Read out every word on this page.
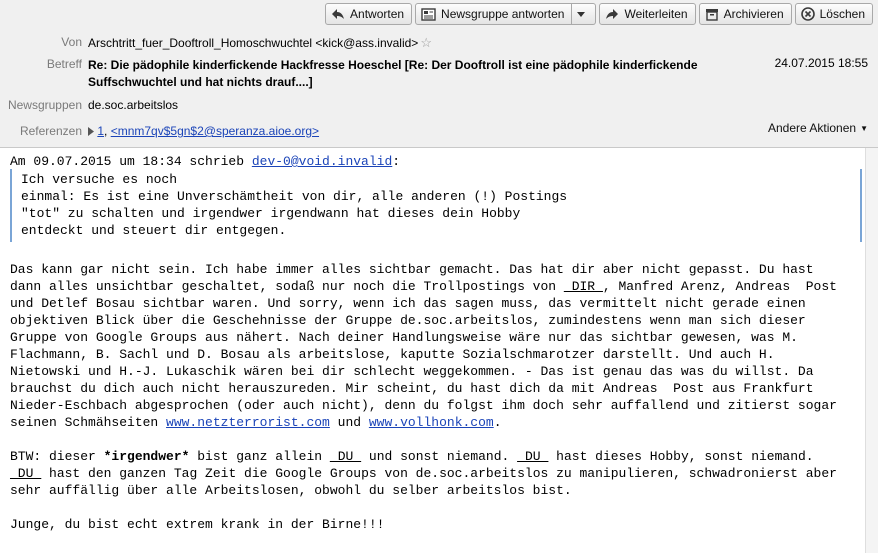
Antworten	Newsgruppe antworten	Weiterleiten	Archivieren	Löschen
Von Arschtritt_fuer_Dooftroll_Homoschwuchtel <kick@ass.invalid> ☆
Betreff Re: Die pädophile kinderfickende Hackfresse Hoeschel [Re: Der Dooftroll ist eine pädophile kinderfickende
Suffschwuchtel und hat nichts drauf....]
24.07.2015 18:55
Newsgruppen de.soc.arbeitslos
Referenzen	1, <mnm7qv$5gn$2@speranza.aioe.org>	Andere Aktionen ▼
Am 09.07.2015 um 18:34 schrieb dev-0@void.invalid:
Ich versuche es noch
einmal: Es ist eine Unverschämtheit von dir, alle anderen (!) Postings
"tot" zu schalten und irgendwer irgendwann hat dieses dein Hobby
entdeckt und steuert dir entgegen.
Das kann gar nicht sein. Ich habe immer alles sichtbar gemacht. Das hat dir aber nicht gepasst. Du hast
dann alles unsichtbar geschaltet, sodaß nur noch die Trollpostings von _DIR_, Manfred Arenz, Andreas  Post
und Detlef Bosau sichtbar waren. Und sorry, wenn ich das sagen muss, das vermittelt nicht gerade einen
objektiven Blick über die Geschehnisse der Gruppe de.soc.arbeitslos, zumindestens wenn man sich dieser
Gruppe von Google Groups aus nähert. Nach deiner Handlungsweise wäre nur das sichtbar gewesen, was M.
Flachmann, B. Sachl und D. Bosau als arbeitslose, kaputte Sozialschmarotzer darstellt. Und auch H.
Nietowski und H.-J. Lukaschik wären bei dir schlecht weggekommen. - Das ist genau das was du willst. Da
brauchst du dich auch nicht herauszureden. Mir scheint, du hast dich da mit Andreas  Post aus Frankfurt
Nieder-Eschbach abgesprochen (oder auch nicht), denn du folgst ihm doch sehr auffallend und zitierst sogar
seinen Schmähseiten www.netzterrorist.com und www.vollhonk.com.
BTW: dieser *irgendwer* bist ganz allein _DU_ und sonst niemand. _DU_ hast dieses Hobby, sonst niemand.
_DU_ hast den ganzen Tag Zeit die Google Groups von de.soc.arbeitslos zu manipulieren, schwadronierst aber
sehr auffällig über alle Arbeitslosen, obwohl du selber arbeitslos bist.
Junge, du bist echt extrem krank in der Birne!!!
